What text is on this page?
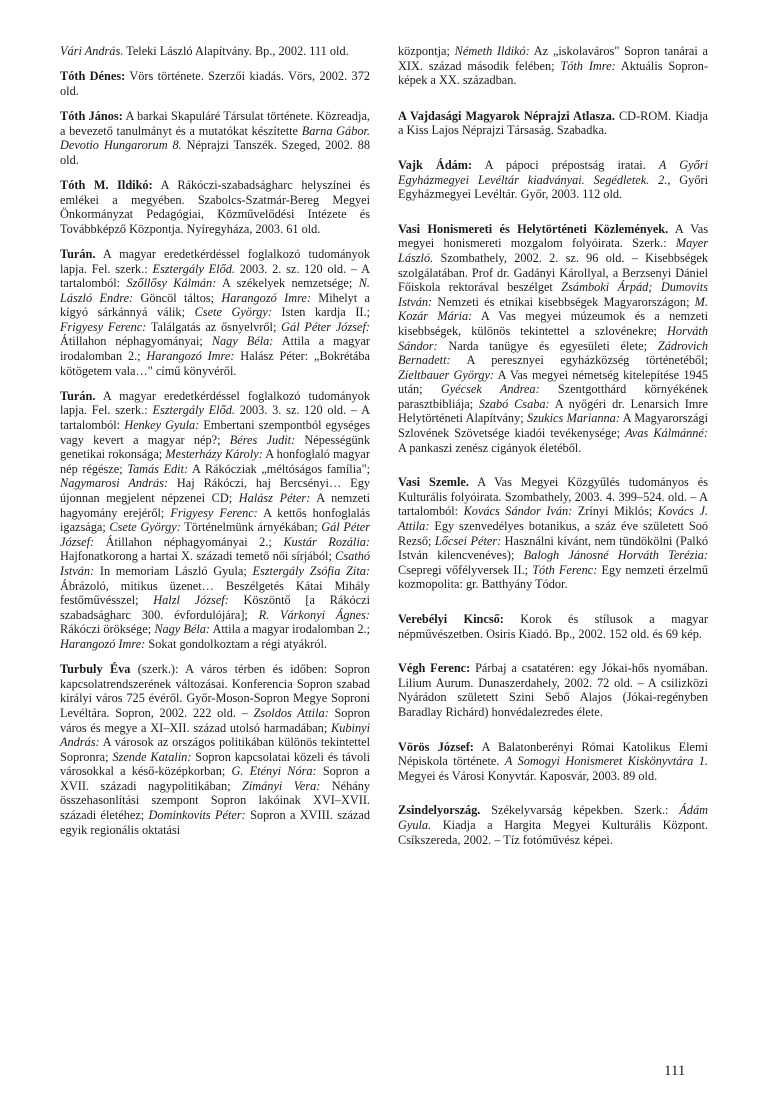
Vári András. Teleki László Alapítvány. Bp., 2002. 111 old.

Tóth Dénes: Vörs története. Szerzői kiadás. Vörs, 2002. 372 old.

Tóth János: A barkai Skapuláré Társulat története. Közreadja, a bevezető tanulmányt és a mutatókat készítette Barna Gábor. Devotio Hungarorum 8. Néprajzi Tanszék. Szeged, 2002. 88 old.

Tóth M. Ildikó: A Rákóczi-szabadságharc helyszínei és emlékei a megyében. Szabolcs-Szatmár-Bereg Megyei Önkormányzat Pedagógiai, Közművelődési Intézete és Továbbképző Központja. Nyíregyháza, 2003. 61 old.

Turán. A magyar eredetkérdéssel foglalkozó tudományok lapja. Fel. szerk.: Esztergály Előd. 2003. 2. sz. 120 old. – A tartalomból: Szőllősy Kálmán: A székelyek nemzetsége; N. László Endre: Göncöl táltos; Harangozó Imre: Mihelyt a kígyó sárkánnyá válik; Csete György: Isten kardja II.; Frigyesy Ferenc: Találgatás az ősnyelvről; Gál Péter József: Átillahon néphagyományai; Nagy Béla: Attila a magyar irodalomban 2.; Harangozó Imre: Halász Péter: „Bokrétába kötögetem vala…" című könyvéről.

Turán. A magyar eredetkérdéssel foglalkozó tudományok lapja. Fel. szerk.: Esztergály Előd. 2003. 3. sz. 120 old. – A tartalomból: Henkey Gyula: Embertani szempontból egységes vagy kevert a magyar nép?; Béres Judit: Népességünk genetikai rokonsága; Mesterházy Károly: A honfoglaló magyar nép régésze; Tamás Edit: A Rákócziak „méltóságos família"; Nagymarosi András: Haj Rákóczi, haj Bercsényi… Egy újonnan megjelent népzenei CD; Halász Péter: A nemzeti hagyomány erejéről; Frigyesy Ferenc: A kettős honfoglalás igazsága; Csete György: Történelmünk árnyékában; Gál Péter József: Átillahon néphagyományai 2.; Kustár Rozália: Hajfonatkorong a hartai X. századi temető női sírjából; Csathó István: In memoriam László Gyula; Esztergály Zsófia Zita: Ábrázoló, mitikus üzenet… Beszélgetés Kátai Mihály festőművésszel; Halzl József: Köszöntő [a Rákóczi szabadságharc 300. évfordulójára]; R. Várkonyi Ágnes: Rákóczi öröksége; Nagy Béla: Attila a magyar irodalomban 2.; Harangozó Imre: Sokat gondolkoztam a régi atyákról.

Turbuly Éva (szerk.): A város térben és időben: Sopron kapcsolatrendszerének változásai. Konferencia Sopron szabad királyi város 725 évéről. Győr-Moson-Sopron Megye Soproni Levéltára. Sopron, 2002. 222 old. – Zsoldos Attila: Sopron város és megye a XI–XII. század utolsó harmadában; Kubinyi András: A városok az országos politikában különös tekintettel Sopronra; Szende Katalin: Sopron kapcsolatai közeli és távoli városokkal a késő-középkorban; G. Etényi Nóra: Sopron a XVII. századi nagypolitikában; Zimányi Vera: Néhány összehasonlítási szempont Sopron lakóinak XVI–XVII. századi életéhez; Dominkovits Péter: Sopron a XVIII. század egyik regionális oktatási

központja; Németh Ildikó: Az „iskolaváros" Sopron tanárai a XIX. század második felében; Tóth Imre: Aktuális Sopron-képek a XX. században.

A Vajdasági Magyarok Néprajzi Atlasza. CD-ROM. Kiadja a Kiss Lajos Néprajzi Társaság. Szabadka.

Vajk Ádám: A pápoci prépostság iratai. A Győri Egyházmegyei Levéltár kiadványai. Segédletek. 2., Győri Egyházmegyei Levéltár. Győr, 2003. 112 old.

Vasi Honismereti és Helytörténeti Közlemények. A Vas megyei honismereti mozgalom folyóirata. Szerk.: Mayer László. Szombathely, 2002. 2. sz. 96 old. – Kisebbségek szolgálatában. Prof dr. Gadányi Károllyal, a Berzsenyi Dániel Főiskola rektorával beszélget Zsámboki Árpád; Dumovits István: Nemzeti és etnikai kisebbségek Magyarországon; M. Kozár Mária: A Vas megyei múzeumok és a nemzeti kisebbségek, különös tekintettel a szlovénekre; Horváth Sándor: Narda tanügye és egyesületi élete; Zádrovich Bernadett: A peresznyei egyházközség történetéből; Zieltbauer György: A Vas megyei németség kitelepítése 1945 után; Gyécsek Andrea: Szentgotthárd környékének parasztbibliája; Szabó Csaba: A nyőgéri dr. Lenarsich Imre Helytörténeti Alapítvány; Szukics Marianna: A Magyarországi Szlovének Szövetsége kiadói tevékenysége; Avas Kálmánné: A pankaszi zenész cigányok életéből.

Vasi Szemle. A Vas Megyei Közgyűlés tudományos és Kulturális folyóirata. Szombathely, 2003. 4. 399–524. old. – A tartalomból: Kovács Sándor Iván: Zrínyi Miklós; Kovács J. Attila: Egy szenvedélyes botanikus, a száz éve született Soó Rezső; Lőcsei Péter: Használni kívánt, nem tündökölni (Palkó István kilencvenéves); Balogh Jánosné Horváth Terézia: Csepregi vőfélyversek II.; Tóth Ferenc: Egy nemzeti érzelmű kozmopolita: gr. Batthyány Tódor.

Verebélyi Kincső: Korok és stílusok a magyar népművészetben. Osiris Kiadó. Bp., 2002. 152 old. és 69 kép.

Végh Ferenc: Párbaj a csatatéren: egy Jókai-hős nyomában. Lilium Aurum. Dunaszerdahely, 2002. 72 old. – A csilizközi Nyárádon született Szini Sebő Alajos (Jókai-regényben Baradlay Richárd) honvédalezredes élete.

Vörös József: A Balatonberényi Római Katolikus Elemi Népiskola története. A Somogyi Honismeret Kiskönyvtára 1. Megyei és Városi Konyvtár. Kaposvár, 2003. 89 old.

Zsindelyország. Székelyvarság képekben. Szerk.: Ádám Gyula. Kiadja a Hargita Megyei Kulturális Központ. Csíkszereda, 2002. – Tíz fotóművész képei.

111
